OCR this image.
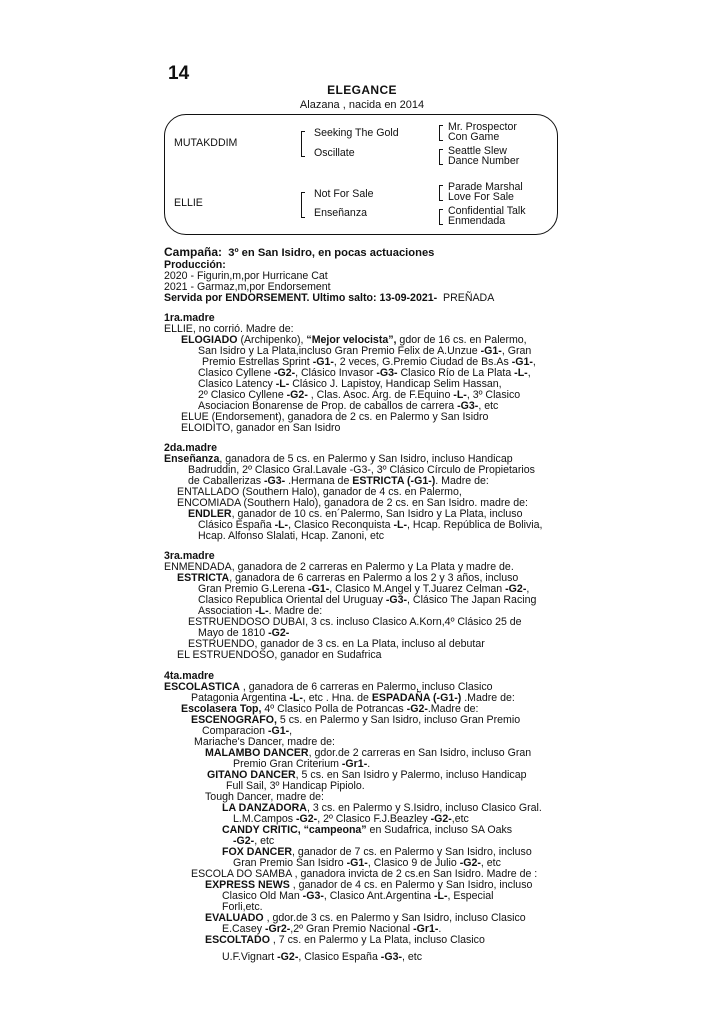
14
ELEGANCE
Alazana , nacida en 2014
MUTAKDDIM
ELLIE
Seeking The Gold
Oscillate
Not For Sale
Enseñanza
Mr. Prospector
Con Game
Seattle Slew
Dance Number
Parade Marshal
Love For Sale
Confidential Talk
Enmendada
Campaña: 3º en San Isidro, en pocas actuaciones
Producción:
2020 - Figurin,m,por Hurricane Cat
2021 - Garmaz,m,por Endorsement
Servida por ENDORSEMENT. Ultimo salto: 13-09-2021- PREÑADA
1ra.madre
ELLIE, no corrió. Madre de:
ELOGIADO (Archipenko), “Mejor velocista”, gdor de 16 cs. en Palermo,
San Isidro y La Plata,incluso Gran Premio Felix de A.Unzue -G1-, Gran
Premio Estrellas Sprint -G1-, 2 veces, G.Premio Ciudad de Bs.As -G1-,
Clasico Cyllene -G2-, Clásico Invasor -G3- Clasico Río de La Plata -L-,
Clasico Latency -L- Clásico J. Lapistoy, Handicap Selim Hassan,
2º Clasico Cyllene -G2- , Clas. Asoc. Arg. de F.Equino -L-, 3º Clasico
Asociacion Bonarense de Prop. de caballos de carrera -G3-, etc
ELUE (Endorsement), ganadora de 2 cs. en Palermo y San Isidro
ELOIDITO, ganador en San Isidro
2da.madre
Enseñanza, ganadora de 5 cs. en Palermo y San Isidro, incluso Handicap
Badruddin, 2º Clasico Gral.Lavale -G3-, 3º Clásico Círculo de Propietarios
de Caballerizas -G3- .Hermana de ESTRICTA (-G1-). Madre de:
ENTALLADO (Southern Halo), ganador de 4 cs. en Palermo,
ENCOMIADA (Southern Halo), ganadora de 2 cs. en San Isidro. madre de:
ENDLER, ganador de 10 cs. en´Palermo, San Isidro y La Plata, incluso
Clásico España -L-, Clasico Reconquista -L-, Hcap. República de Bolivia,
Hcap. Alfonso Slalati, Hcap. Zanoni, etc
3ra.madre
ENMENDADA, ganadora de 2 carreras en Palermo y La Plata y madre de.
ESTRICTA, ganadora de 6 carreras en Palermo a los 2 y 3 años, incluso
Gran Premio G.Lerena -G1-, Clasico M.Angel y T.Juarez Celman -G2-,
Clasico Republica Oriental del Uruguay -G3-, Clásico The Japan Racing
Association -L-. Madre de:
ESTRUENDOSO DUBAI, 3 cs. incluso Clasico A.Korn,4º Clásico 25 de
Mayo de 1810 -G2-
ESTRUENDO, ganador de 3 cs. en La Plata, incluso al debutar
EL ESTRUENDOSO, ganador en Sudafrica
4ta.madre
ESCOLASTICA , ganadora de 6 carreras en Palermo, incluso Clasico
Patagonia Argentina -L-, etc . Hna. de ESPADAÑA (-G1-) .Madre de:
Escolasera Top, 4º Clasico Polla de Potrancas -G2-.Madre de:
ESCENOGRAFO, 5 cs. en Palermo y San Isidro, incluso Gran Premio
Comparacion -G1-,
Mariache's Dancer, madre de:
MALAMBO DANCER, gdor.de 2 carreras en San Isidro, incluso Gran
Premio Gran Criterium -Gr1-.
GITANO DANCER, 5 cs. en San Isidro y Palermo, incluso Handicap
Full Sail, 3º Handicap Pipiolo.
Tough Dancer, madre de:
LA DANZADORA, 3 cs. en Palermo y S.Isidro, incluso Clasico Gral.
L.M.Campos -G2-, 2º Clasico F.J.Beazley -G2-,etc
CANDY CRITIC, “campeona” en Sudafrica, incluso SA Oaks
-G2-, etc
FOX DANCER, ganador de 7 cs. en Palermo y San Isidro, incluso
Gran Premio San Isidro -G1-, Clasico 9 de Julio -G2-, etc
ESCOLA DO SAMBA , ganadora invicta de 2 cs.en San Isidro. Madre de :
EXPRESS NEWS , ganador de 4 cs. en Palermo y San Isidro, incluso
Clasico Old Man -G3-, Clasico Ant.Argentina -L-, Especial
Forli,etc.
EVALUADO , gdor.de 3 cs. en Palermo y San Isidro, incluso Clasico
E.Casey -Gr2-,2º Gran Premio Nacional -Gr1-.
ESCOLTADO , 7 cs. en Palermo y La Plata, incluso Clasico
U.F.Vignart -G2-, Clasico España -G3-, etc
